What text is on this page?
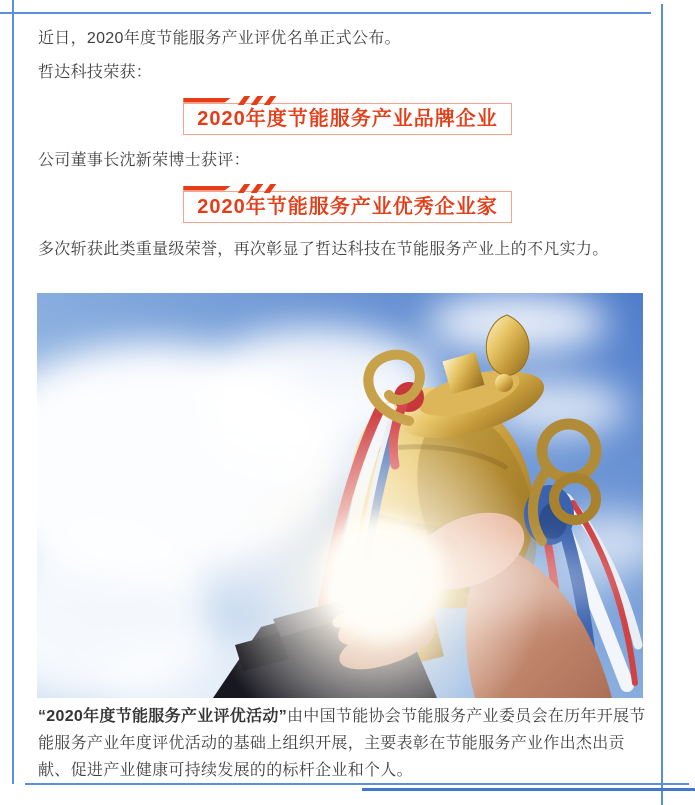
近日，2020年度节能服务产业评优名单正式公布。

哲达科技荣获：

2020年度节能服务产业品牌企业

公司董事长沈新荣博士获评：

2020年节能服务产业优秀企业家

多次斩获此类重量级荣誉，再次彰显了哲达科技在节能服务产业上的不凡实力。

“2020年度节能服务产业评优活动”由中国节能协会节能服务产业委员会在历年开展节能服务产业年度评优活动的基础上组织开展，主要表彰在节能服务产业作出杰出贡献、促进产业健康可持续发展的的标杆企业和个人。
